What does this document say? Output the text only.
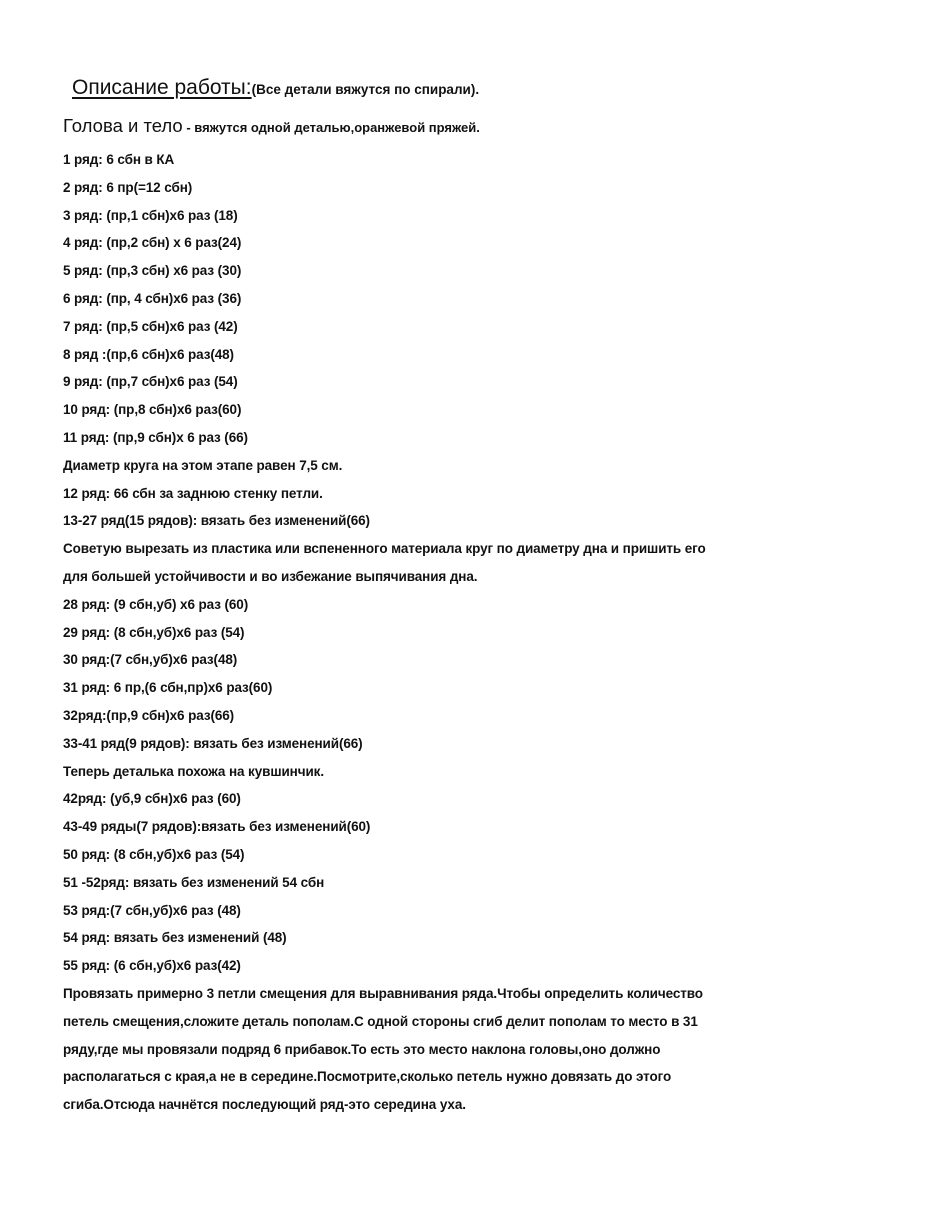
Описание работы:(Все детали вяжутся по спирали).
Голова и тело - вяжутся одной деталью,оранжевой пряжей.
1 ряд: 6 сбн в КА
2 ряд: 6 пр(=12 сбн)
3 ряд: (пр,1 сбн)х6 раз (18)
4 ряд: (пр,2 сбн) х 6 раз(24)
5 ряд: (пр,3 сбн) х6 раз (30)
6 ряд: (пр, 4 сбн)х6 раз (36)
7 ряд: (пр,5 сбн)х6 раз (42)
8 ряд :(пр,6 сбн)х6 раз(48)
9 ряд: (пр,7 сбн)х6 раз (54)
10 ряд: (пр,8 сбн)х6 раз(60)
11 ряд: (пр,9 сбн)х 6 раз (66)
Диаметр круга на этом этапе равен 7,5 см.
12 ряд: 66 сбн за заднюю стенку петли.
13-27 ряд(15 рядов): вязать без изменений(66)
Советую вырезать из пластика или вспененного материала круг по диаметру дна и пришить его
для большей устойчивости и во избежание выпячивания дна.
28 ряд: (9 сбн,уб) х6 раз (60)
29 ряд: (8 сбн,уб)х6 раз (54)
30 ряд:(7 сбн,уб)х6 раз(48)
31 ряд: 6 пр,(6 сбн,пр)х6 раз(60)
32ряд:(пр,9 сбн)х6 раз(66)
33-41 ряд(9 рядов): вязать без изменений(66)
Теперь деталька похожа на кувшинчик.
42ряд: (уб,9 сбн)х6 раз (60)
43-49 ряды(7 рядов):вязать без изменений(60)
50 ряд: (8 сбн,уб)х6 раз (54)
51 -52ряд: вязать без изменений 54 сбн
53 ряд:(7 сбн,уб)х6 раз (48)
54 ряд: вязать без изменений (48)
55 ряд: (6 сбн,уб)х6 раз(42)
Провязать примерно 3 петли смещения для выравнивания ряда.Чтобы определить количество
петель смещения,сложите деталь пополам.С одной стороны сгиб делит пополам то место в 31
ряду,где мы провязали подряд 6 прибавок.То есть это место наклона головы,оно должно
располагаться с края,а не в середине.Посмотрите,сколько петель нужно довязать до этого
сгиба.Отсюда начнётся последующий ряд-это середина уха.
